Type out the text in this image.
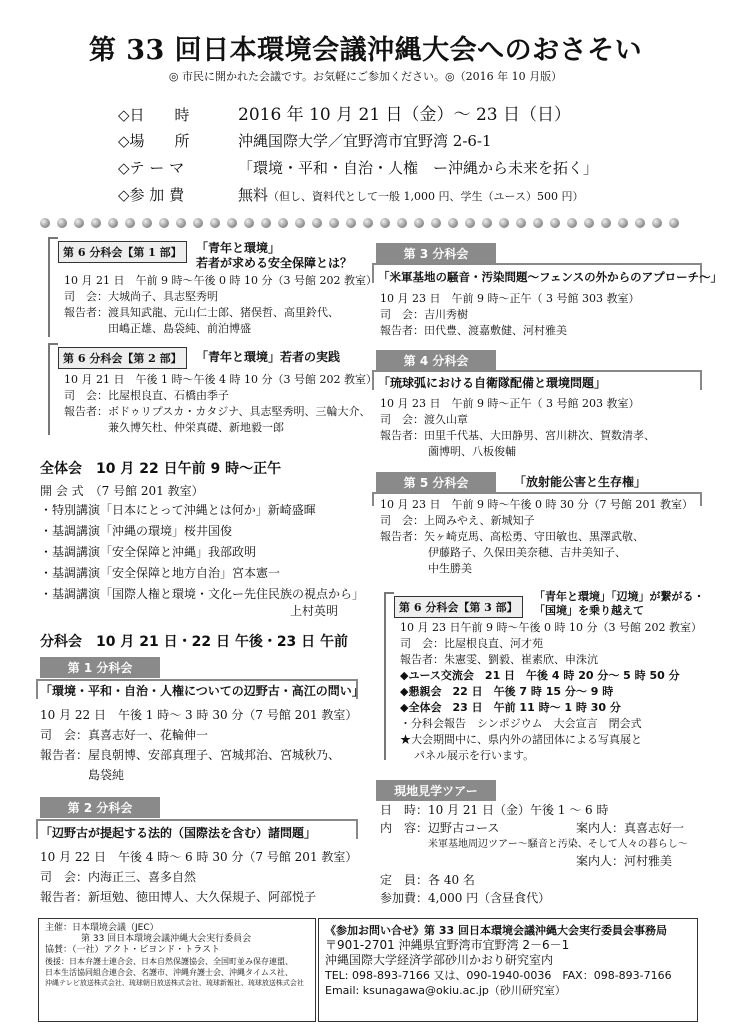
第 33 回日本環境会議沖縄大会へのおさそい
◎ 市民に開かれた会議です。お気軽にご参加ください。◎（2016 年 10 月版）
◇日　　時	2016 年 10 月 21 日（金）～ 23 日（日）
◇場　　所	沖縄国際大学／宜野湾市宜野湾 2-6-1
◇テ ー マ	「環境・平和・自治・人権　ー沖縄から未来を拓く」
◇参 加 費	無料（但し、資料代として一般 1,000 円、学生（ユース）500 円）
第 6 分科会【第 1 部】	「青年と環境」
若者が求める安全保障とは？
10 月 21 日　午前 9 時～午後 0 時 10 分（3 号館 202 教室）
司　会：大城尚子、具志堅秀明
報告者：渡具知武龍、元山仁士郎、猪俣哲、高里鈴代、
田嶋正雄、島袋純、前泊博盛
第 6 分科会【第 2 部】	「青年と環境」若者の実践
10 月 21 日　午後 1 時～午後 4 時 10 分（3 号館 202 教室）
司　会：比屋根良直、石橋由季子
報告者：ボドゥリプスカ・カタジナ、具志堅秀明、三輪大介、
兼久博矢杜、仲栄真礎、新地毅一郎
全体会　10 月 22 日午前 9 時～正午
開 会 式　（7 号館 201 教室）
・特別講演「日本にとって沖縄とは何か」新崎盛暉
・基調講演「沖縄の環境」桜井国俊
・基調講演「安全保障と沖縄」我部政明
・基調講演「安全保障と地方自治」宮本憲一
・基調講演「国際人権と環境・文化ー先住民族の視点から」
上村英明
分科会　10 月 21 日・22 日 午後・23 日 午前
第 1 分科会
「環境・平和・自治・人権についての辺野古・高江の問い」
10 月 22 日　午後 1 時～ 3 時 30 分（7 号館 201 教室）
司　会：真喜志好一、花輪伸一
報告者：屋良朝博、安部真理子、宮城邦治、宮城秋乃、
島袋純
第 2 分科会
「辺野古が提起する法的（国際法を含む）諸問題」
10 月 22 日　午後 4 時～ 6 時 30 分（7 号館 201 教室）
司　会：内海正三、喜多自然
報告者：新垣勉、徳田博人、大久保規子、阿部悦子
第 3 分科会
「米軍基地の騒音・汚染問題～フェンスの外からのアプローチ～」
10 月 23 日　午前 9 時～正午（ 3 号館 303 教室）
司　会：吉川秀樹
報告者：田代豊、渡嘉敷健、河村雅美
第 4 分科会
「琉球弧における自衛隊配備と環境問題」
10 月 23 日　午前 9 時～正午（ 3 号館 203 教室）
司　会：渡久山章
報告者：田里千代基、大田静男、宮川耕次、賀数清孝、
薗博明、八板俊輔
第 5 分科会	「放射能公害と生存権」
10 月 23 日　午前 9 時～午後 0 時 30 分（7 号館 201 教室）
司　会：上岡みやえ、新城知子
報告者：矢ヶ崎克馬、高松勇、守田敏也、黒澤武敬、
伊藤路子、久保田美奈穂、吉井美知子、
中生勝美
第 6 分科会【第 3 部】
「青年と環境」「辺境」が繋がる・
「国境」を乗り越えて
10 月 23 日午前 9 時～午後 0 時 10 分（3 号館 202 教室）
司　会：比屋根良直、河才苑
報告者：朱憲雯、劉毅、崔素欣、申洙沆
◆ユース交流会　21 日　午後 4 時 20 分～ 5 時 50 分
◆懇親会　22 日　午後 7 時 15 分～ 9 時
◆全体会　23 日　午前 11 時～ 1 時 30 分
・分科会報告　シンポジウム　大会宣言　閉会式
★大会期間中に、県内外の諸団体による写真展と
パネル展示を行います。
現地見学ツアー
日　時：10 月 21 日（金）午後 1 ～ 6 時
内　容：辺野古コース	案内人：真喜志好一
米軍基地周辺ツアー～騒音と汚染、そして人々の暮らし～
案内人：河村雅美
定　員：各 40 名
参加費：4,000 円（含昼食代）
主催：日本環境会議（JEC）
第 33 回日本環境会議沖縄大会実行委員会
協賛：（一社）アクト・ビヨンド・トラスト
後援：日本弁護士連合会、日本自然保護協会、全国町並み保存連盟、
日本生活協同組合連合会、名護市、沖縄弁護士会、沖縄タイムス社、
沖縄テレビ放送株式会社、琉球朝日放送株式会社、琉球新報社、琉球放送株式会社
《参加お問い合せ》第 33 回日本環境会議沖縄大会実行委員会事務局
〒901-2701 沖縄県宜野湾市宜野湾 2－6－1
沖縄国際大学経済学部砂川かおり研究室内
TEL: 098-893-7166 又は、090-1940-0036　FAX：098-893-7166
Email: ksunagawa@okiu.ac.jp（砂川研究室）
